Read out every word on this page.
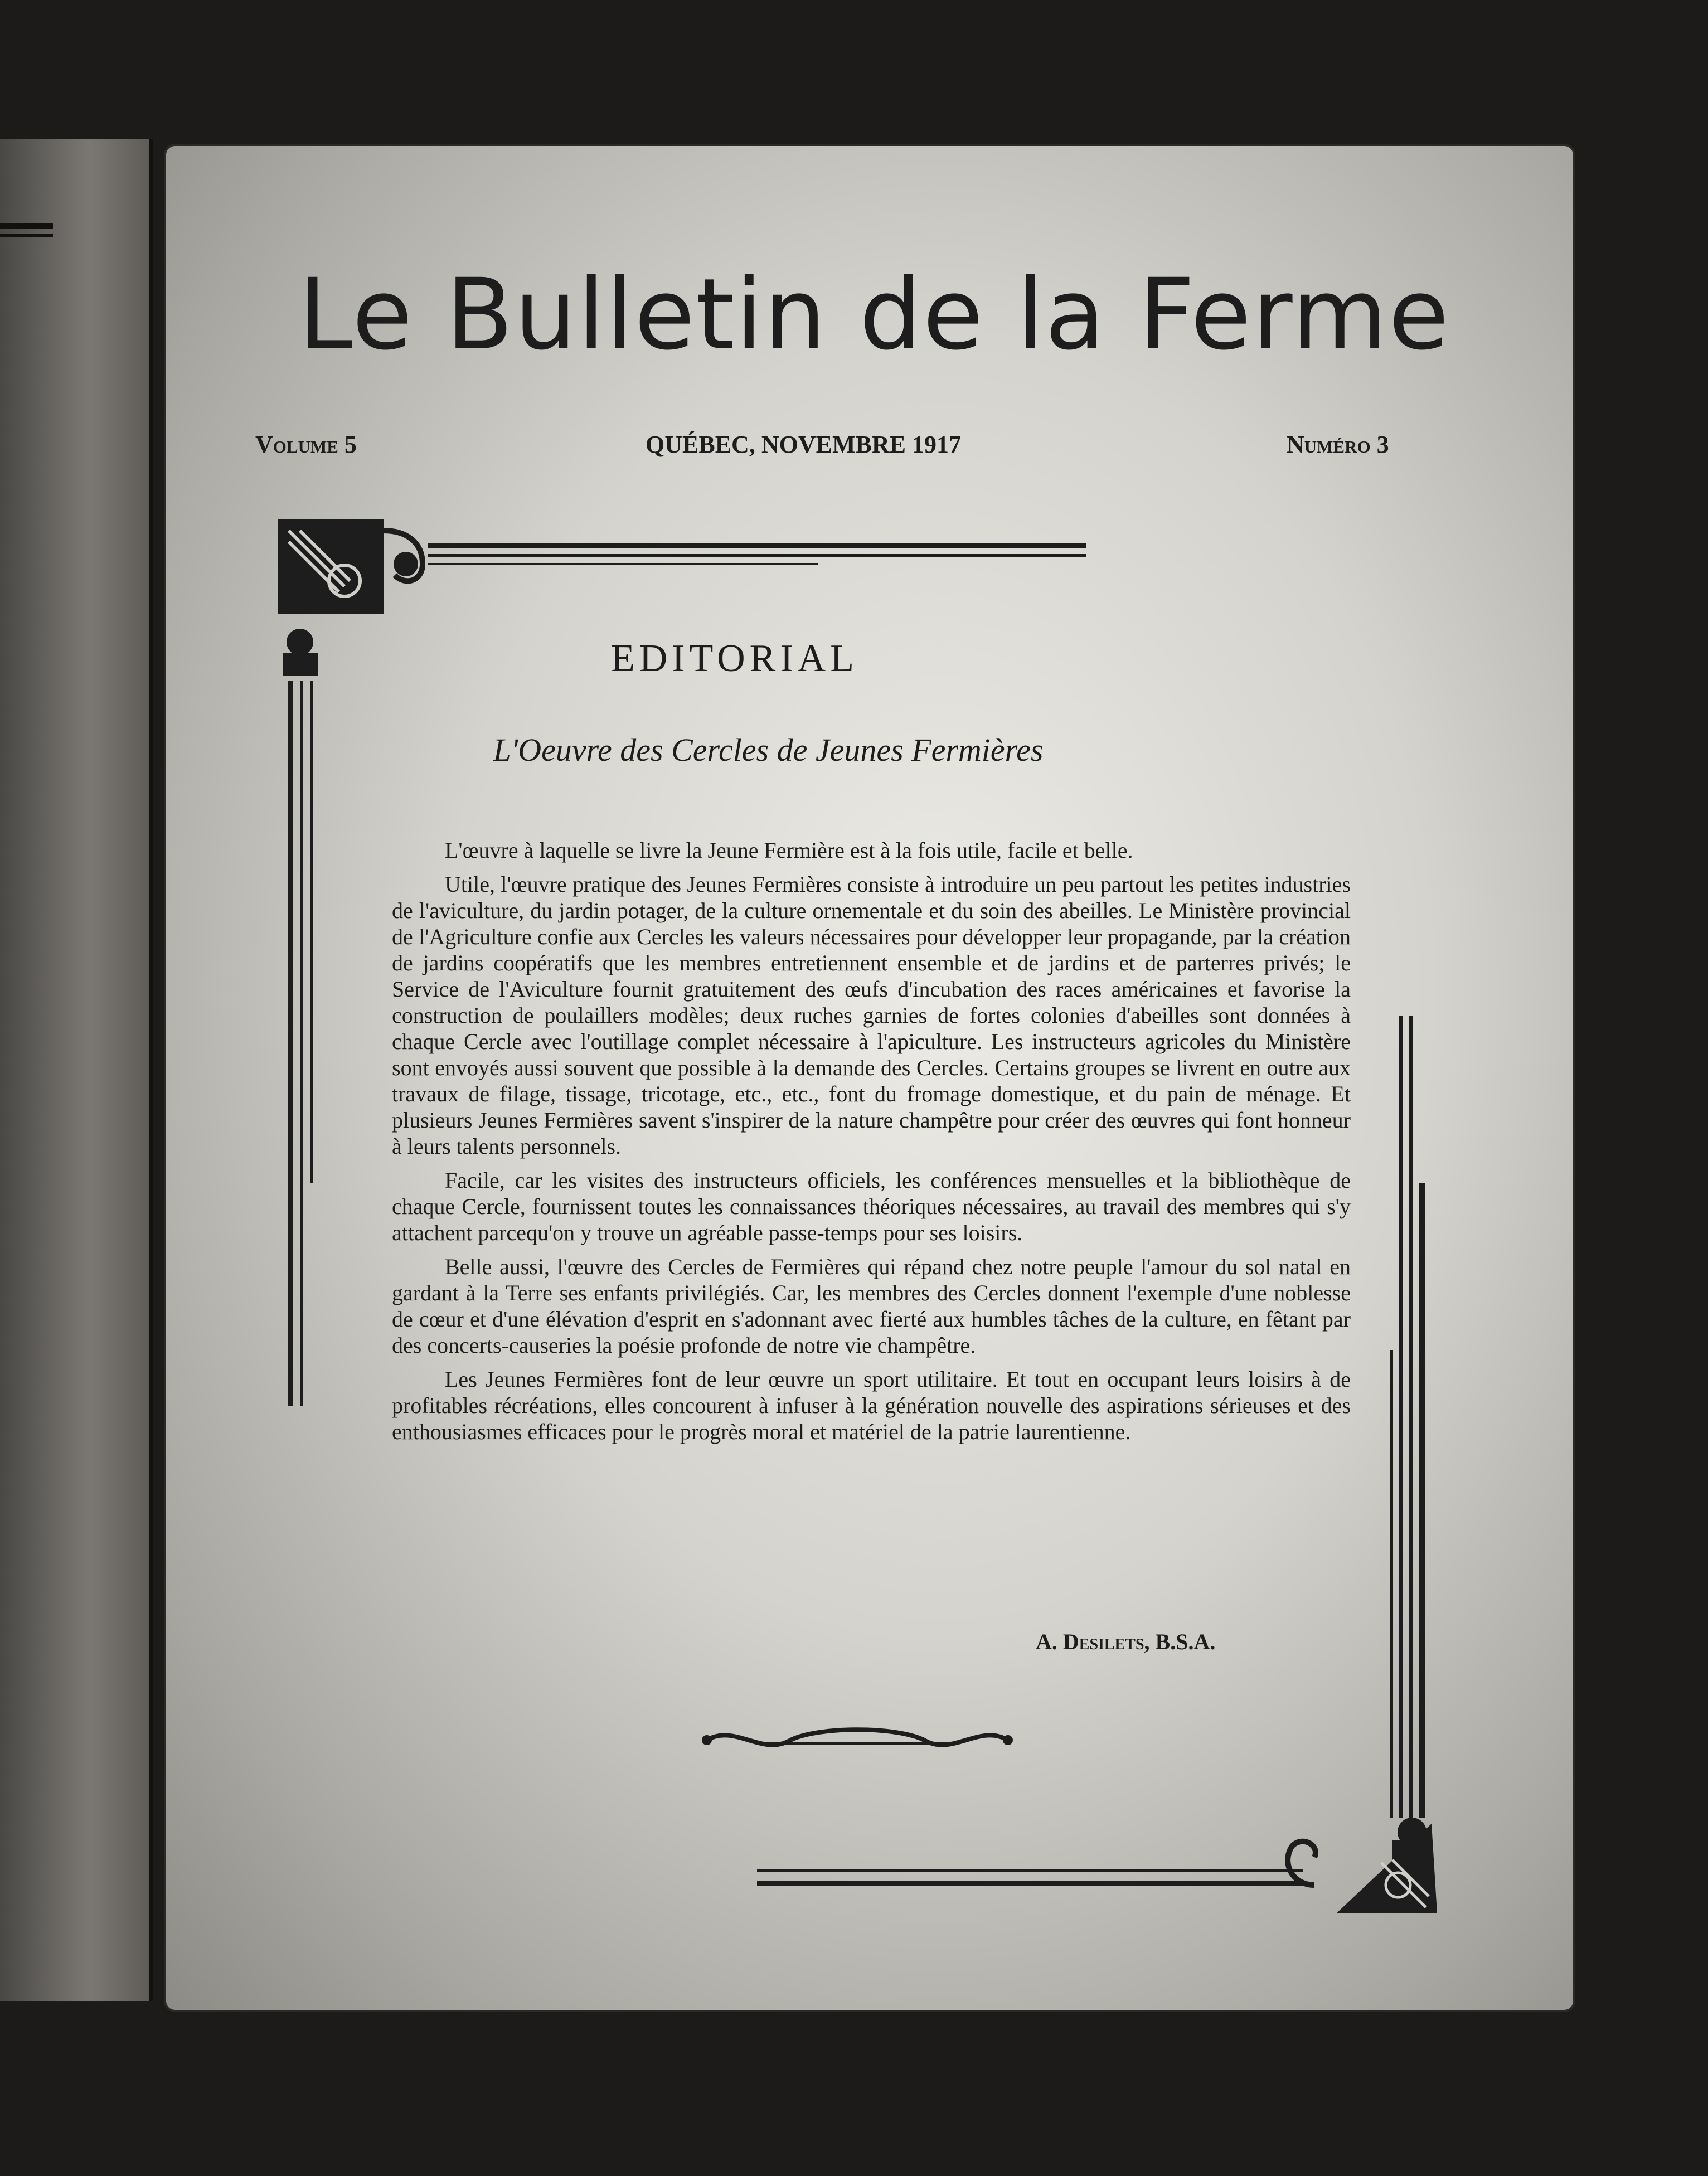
Le Bulletin de la Ferme
Volume 5	QUÉBEC, NOVEMBRE 1917	Numéro 3
EDITORIAL
L'Oeuvre des Cercles de Jeunes Fermières

L'œuvre à laquelle se livre la Jeune Fermière est à la fois utile, facile et belle.

Utile, l'œuvre pratique des Jeunes Fermières consiste à introduire un peu partout les petites industries de l'aviculture, du jardin potager, de la culture ornementale et du soin des abeilles. Le Ministère provincial de l'Agriculture confie aux Cercles les valeurs nécessaires pour développer leur propagande, par la création de jardins coopératifs que les membres entretiennent ensemble et de jardins et de parterres privés; le Service de l'Aviculture fournit gratuitement des œufs d'incubation des races américaines et favorise la construction de poulaillers modèles; deux ruches garnies de fortes colonies d'abeilles sont données à chaque Cercle avec l'outillage complet nécessaire à l'apiculture. Les instructeurs agricoles du Ministère sont envoyés aussi souvent que possible à la demande des Cercles. Certains groupes se livrent en outre aux travaux de filage, tissage, tricotage, etc., etc., font du fromage domestique, et du pain de ménage. Et plusieurs Jeunes Fermières savent s'inspirer de la nature champêtre pour créer des œuvres qui font honneur à leurs talents personnels.

Facile, car les visites des instructeurs officiels, les conférences mensuelles et la bibliothèque de chaque Cercle, fournissent toutes les connaissances théoriques nécessaires, au travail des membres qui s'y attachent parcequ'on y trouve un agréable passe-temps pour ses loisirs.

Belle aussi, l'œuvre des Cercles de Fermières qui répand chez notre peuple l'amour du sol natal en gardant à la Terre ses enfants privilégiés. Car, les membres des Cercles donnent l'exemple d'une noblesse de cœur et d'une élévation d'esprit en s'adonnant avec fierté aux humbles tâches de la culture, en fêtant par des concerts-causeries la poésie profonde de notre vie champêtre.

Les Jeunes Fermières font de leur œuvre un sport utilitaire. Et tout en occupant leurs loisirs à de profitables récréations, elles concourent à infuser à la génération nouvelle des aspirations sérieuses et des enthousiasmes efficaces pour le progrès moral et matériel de la patrie laurentienne.

A. Desilets, B.S.A.
